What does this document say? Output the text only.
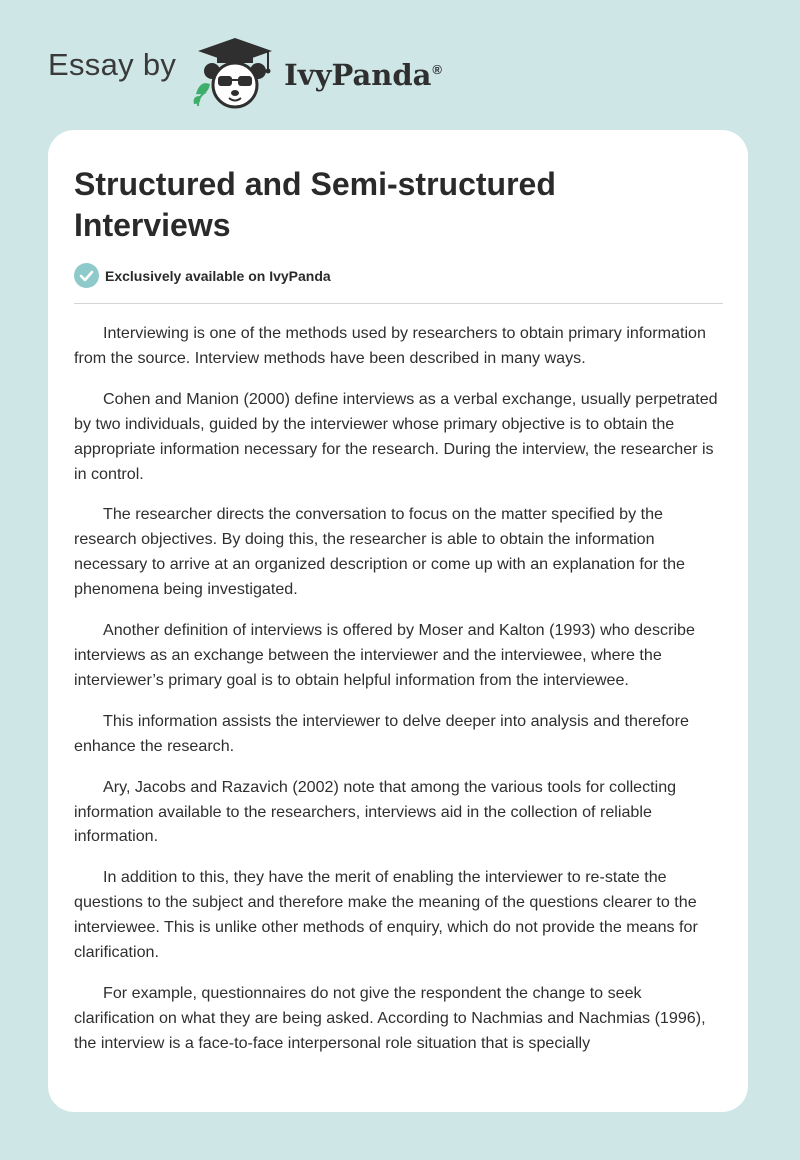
Essay by	IvyPanda®
Structured and Semi-structured Interviews
Exclusively available on IvyPanda

Interviewing is one of the methods used by researchers to obtain primary information from the source. Interview methods have been described in many ways.

Cohen and Manion (2000) define interviews as a verbal exchange, usually perpetrated by two individuals, guided by the interviewer whose primary objective is to obtain the appropriate information necessary for the research. During the interview, the researcher is in control.

The researcher directs the conversation to focus on the matter specified by the research objectives. By doing this, the researcher is able to obtain the information necessary to arrive at an organized description or come up with an explanation for the phenomena being investigated.

Another definition of interviews is offered by Moser and Kalton (1993) who describe interviews as an exchange between the interviewer and the interviewee, where the interviewer’s primary goal is to obtain helpful information from the interviewee.

This information assists the interviewer to delve deeper into analysis and therefore enhance the research.

Ary, Jacobs and Razavich (2002) note that among the various tools for collecting information available to the researchers, interviews aid in the collection of reliable information.

In addition to this, they have the merit of enabling the interviewer to re-state the questions to the subject and therefore make the meaning of the questions clearer to the interviewee. This is unlike other methods of enquiry, which do not provide the means for clarification.

For example, questionnaires do not give the respondent the change to seek clarification on what they are being asked. According to Nachmias and Nachmias (1996), the interview is a face-to-face interpersonal role situation that is specially
